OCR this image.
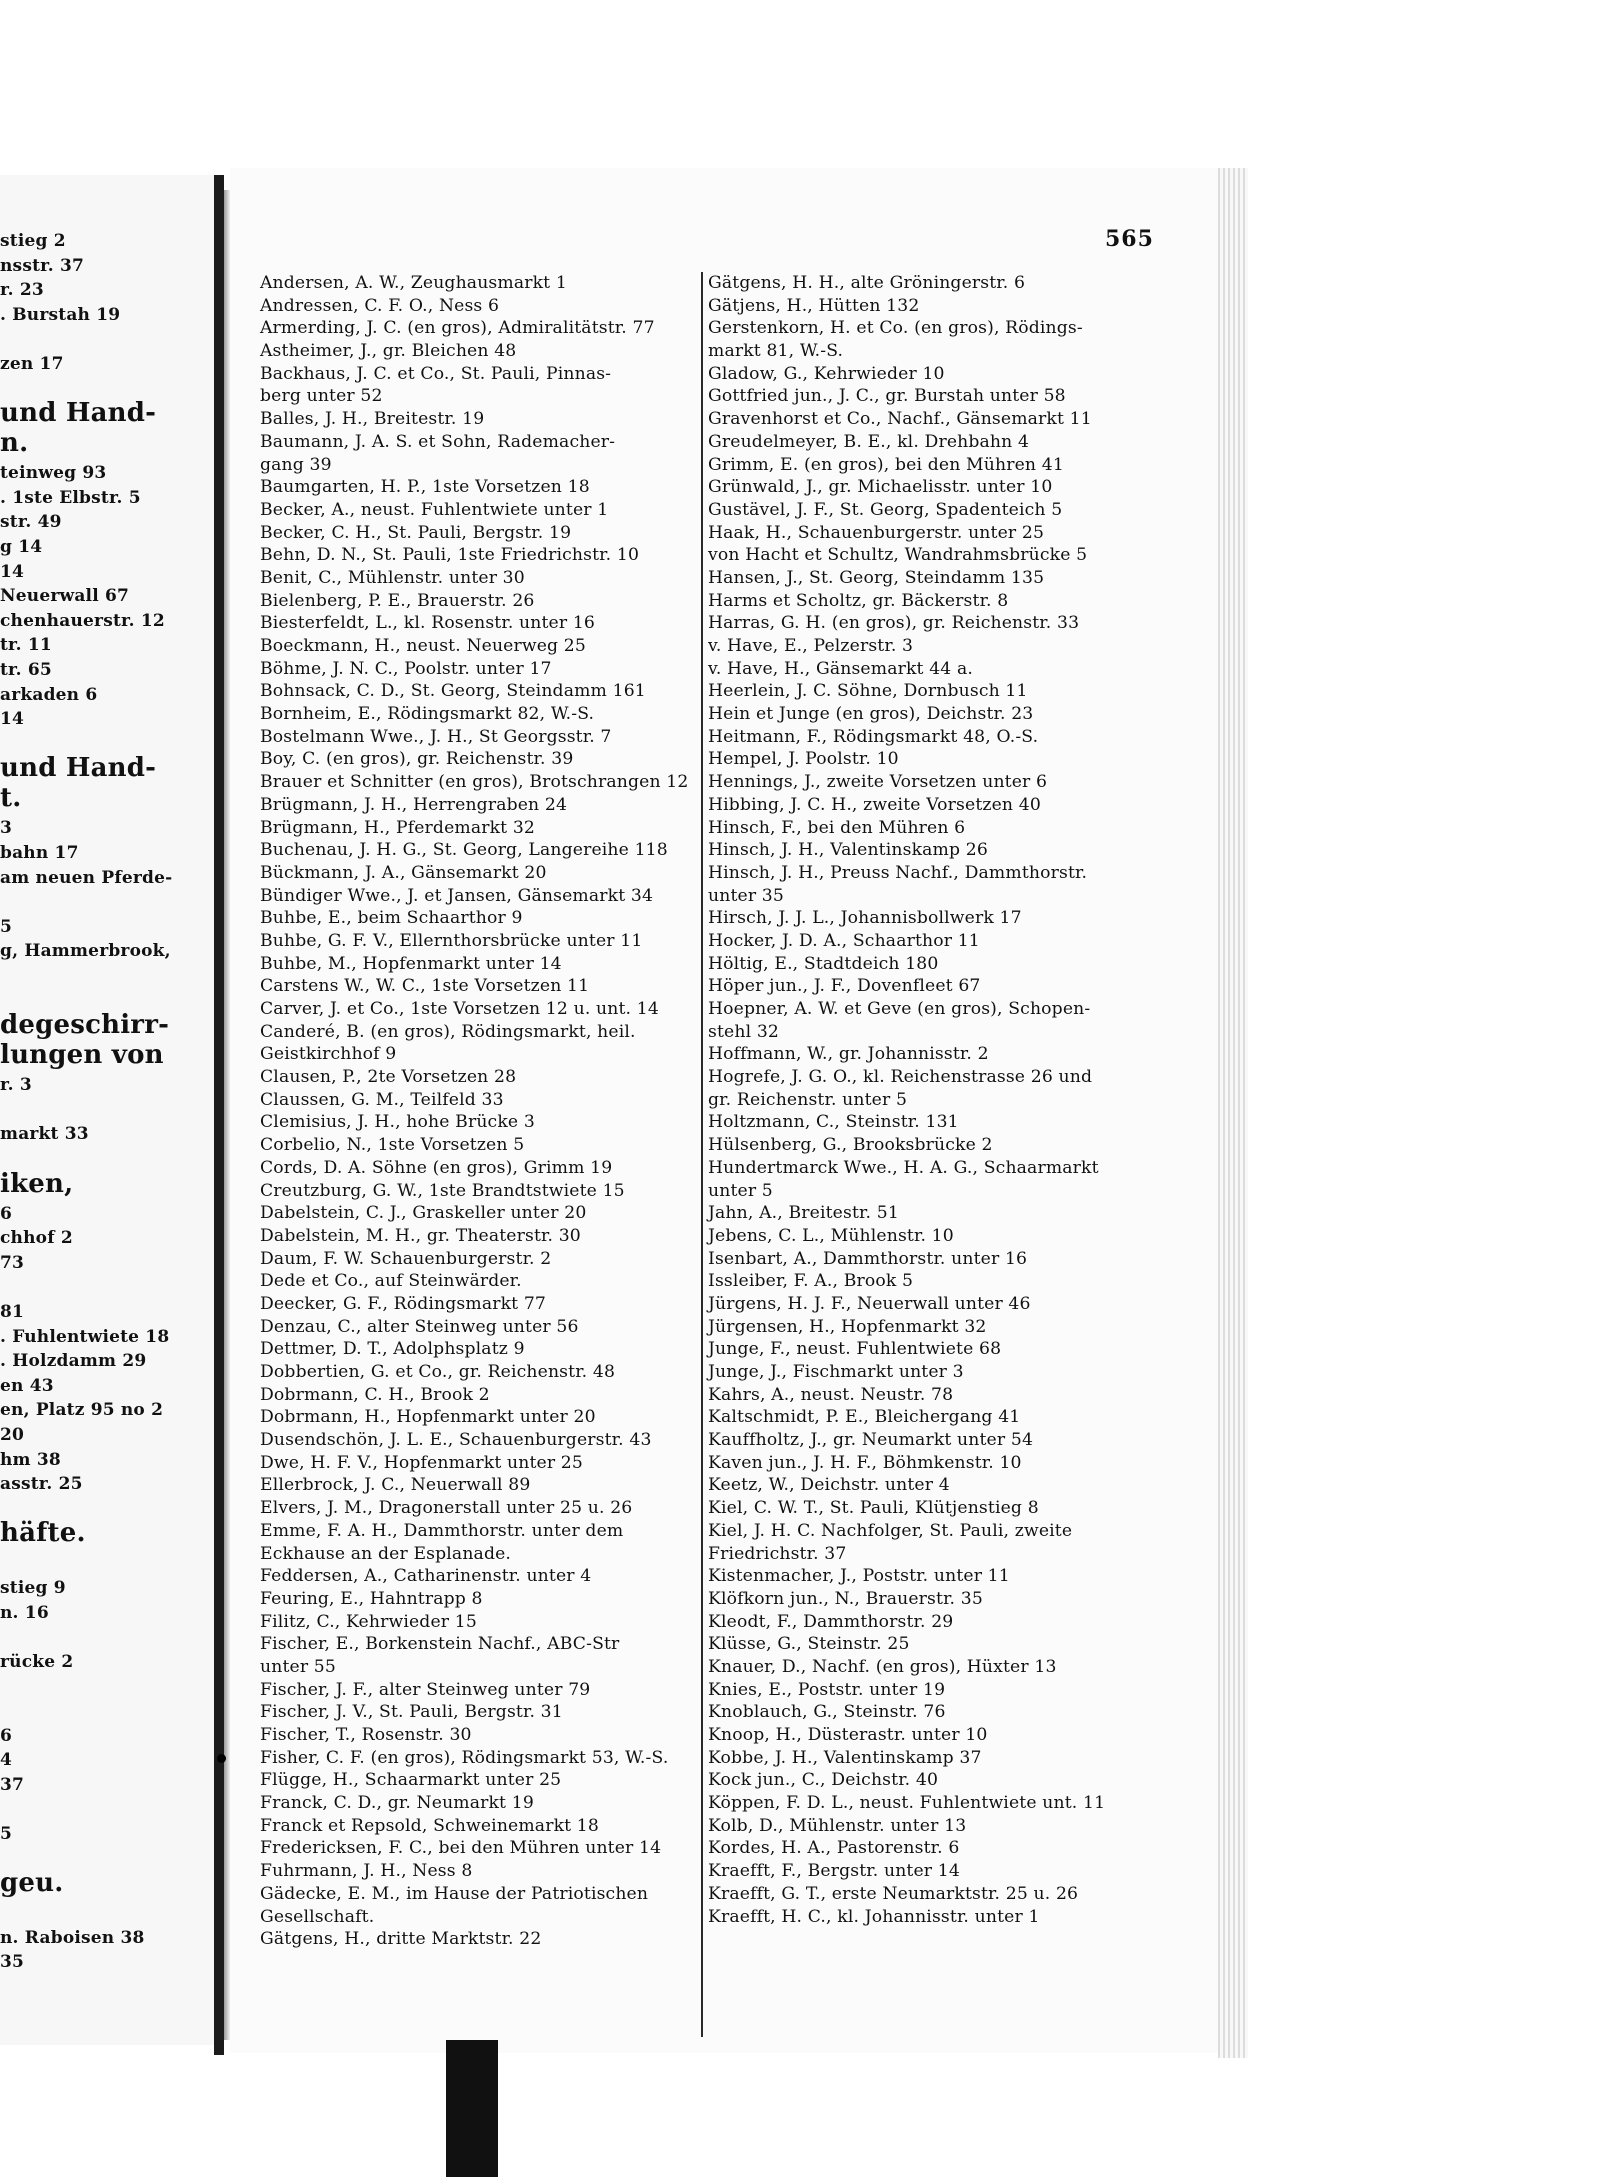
stieg 2
nsstr. 37
r. 23
. Burstah 19
zen 17
und Hand-
n.
teinweg 93
. 1ste Elbstr. 5
str. 49
g 14
14
Neuerwall 67
chenhauerstr. 12
tr. 11
tr. 65
arkaden 6
14
und Hand-
t.
3
bahn 17
am neuen Pferde-
5
g, Hammerbrook,
degeschirr-
lungen von
r. 3
markt 33
iken,
6
chhof 2
73
81
. Fuhlentwiete 18
. Holzdamm 29
en 43
en, Platz 95 no 2
20
hm 38
asstr. 25
häfte.
stieg 9
n. 16
rücke 2
6
4
37
5
geu.
n. Raboisen 38
35
565
Andersen, A. W., Zeughausmarkt 1
Andressen, C. F. O., Ness 6
Armerding, J. C. (en gros), Admiralitätstr. 77
Astheimer, J., gr. Bleichen 48
Backhaus, J. C. et Co., St. Pauli, Pinnas-
berg unter 52
Balles, J. H., Breitestr. 19
Baumann, J. A. S. et Sohn, Rademacher-
gang 39
Baumgarten, H. P., 1ste Vorsetzen 18
Becker, A., neust. Fuhlentwiete unter 1
Becker, C. H., St. Pauli, Bergstr. 19
Behn, D. N., St. Pauli, 1ste Friedrichstr. 10
Benit, C., Mühlenstr. unter 30
Bielenberg, P. E., Brauerstr. 26
Biesterfeldt, L., kl. Rosenstr. unter 16
Boeckmann, H., neust. Neuerweg 25
Böhme, J. N. C., Poolstr. unter 17
Bohnsack, C. D., St. Georg, Steindamm 161
Bornheim, E., Rödingsmarkt 82, W.-S.
Bostelmann Wwe., J. H., St Georgsstr. 7
Boy, C. (en gros), gr. Reichenstr. 39
Brauer et Schnitter (en gros), Brotschrangen 12
Brügmann, J. H., Herrengraben 24
Brügmann, H., Pferdemarkt 32
Buchenau, J. H. G., St. Georg, Langereihe 118
Bückmann, J. A., Gänsemarkt 20
Bündiger Wwe., J. et Jansen, Gänsemarkt 34
Buhbe, E., beim Schaarthor 9
Buhbe, G. F. V., Ellernthorsbrücke unter 11
Buhbe, M., Hopfenmarkt unter 14
Carstens W., W. C., 1ste Vorsetzen 11
Carver, J. et Co., 1ste Vorsetzen 12 u. unt. 14
Canderé, B. (en gros), Rödingsmarkt, heil.
Geistkirchhof 9
Clausen, P., 2te Vorsetzen 28
Claussen, G. M., Teilfeld 33
Clemisius, J. H., hohe Brücke 3
Corbelio, N., 1ste Vorsetzen 5
Cords, D. A. Söhne (en gros), Grimm 19
Creutzburg, G. W., 1ste Brandtstwiete 15
Dabelstein, C. J., Graskeller unter 20
Dabelstein, M. H., gr. Theaterstr. 30
Daum, F. W. Schauenburgerstr. 2
Dede et Co., auf Steinwärder.
Deecker, G. F., Rödingsmarkt 77
Denzau, C., alter Steinweg unter 56
Dettmer, D. T., Adolphsplatz 9
Dobbertien, G. et Co., gr. Reichenstr. 48
Dobrmann, C. H., Brook 2
Dobrmann, H., Hopfenmarkt unter 20
Dusendschön, J. L. E., Schauenburgerstr. 43
Dwe, H. F. V., Hopfenmarkt unter 25
Ellerbrock, J. C., Neuerwall 89
Elvers, J. M., Dragonerstall unter 25 u. 26
Emme, F. A. H., Dammthorstr. unter dem
Eckhause an der Esplanade.
Feddersen, A., Catharinenstr. unter 4
Feuring, E., Hahntrapp 8
Filitz, C., Kehrwieder 15
Fischer, E., Borkenstein Nachf., ABC-Str
unter 55
Fischer, J. F., alter Steinweg unter 79
Fischer, J. V., St. Pauli, Bergstr. 31
Fischer, T., Rosenstr. 30
Fisher, C. F. (en gros), Rödingsmarkt 53, W.-S.
Flügge, H., Schaarmarkt unter 25
Franck, C. D., gr. Neumarkt 19
Franck et Repsold, Schweinemarkt 18
Fredericksen, F. C., bei den Mühren unter 14
Fuhrmann, J. H., Ness 8
Gädecke, E. M., im Hause der Patriotischen
Gesellschaft.
Gätgens, H., dritte Marktstr. 22
Gätgens, H. H., alte Gröningerstr. 6
Gätjens, H., Hütten 132
Gerstenkorn, H. et Co. (en gros), Rödings-
markt 81, W.-S.
Gladow, G., Kehrwieder 10
Gottfried jun., J. C., gr. Burstah unter 58
Gravenhorst et Co., Nachf., Gänsemarkt 11
Greudelmeyer, B. E., kl. Drehbahn 4
Grimm, E. (en gros), bei den Mühren 41
Grünwald, J., gr. Michaelisstr. unter 10
Gustävel, J. F., St. Georg, Spadenteich 5
Haak, H., Schauenburgerstr. unter 25
von Hacht et Schultz, Wandrahmsbrücke 5
Hansen, J., St. Georg, Steindamm 135
Harms et Scholtz, gr. Bäckerstr. 8
Harras, G. H. (en gros), gr. Reichenstr. 33
v. Have, E., Pelzerstr. 3
v. Have, H., Gänsemarkt 44 a.
Heerlein, J. C. Söhne, Dornbusch 11
Hein et Junge (en gros), Deichstr. 23
Heitmann, F., Rödingsmarkt 48, O.-S.
Hempel, J. Poolstr. 10
Hennings, J., zweite Vorsetzen unter 6
Hibbing, J. C. H., zweite Vorsetzen 40
Hinsch, F., bei den Mühren 6
Hinsch, J. H., Valentinskamp 26
Hinsch, J. H., Preuss Nachf., Dammthorstr.
unter 35
Hirsch, J. J. L., Johannisbollwerk 17
Hocker, J. D. A., Schaarthor 11
Höltig, E., Stadtdeich 180
Höper jun., J. F., Dovenfleet 67
Hoepner, A. W. et Geve (en gros), Schopen-
stehl 32
Hoffmann, W., gr. Johannisstr. 2
Hogrefe, J. G. O., kl. Reichenstrasse 26 und
gr. Reichenstr. unter 5
Holtzmann, C., Steinstr. 131
Hülsenberg, G., Brooksbrücke 2
Hundertmarck Wwe., H. A. G., Schaarmarkt
unter 5
Jahn, A., Breitestr. 51
Jebens, C. L., Mühlenstr. 10
Isenbart, A., Dammthorstr. unter 16
Issleiber, F. A., Brook 5
Jürgens, H. J. F., Neuerwall unter 46
Jürgensen, H., Hopfenmarkt 32
Junge, F., neust. Fuhlentwiete 68
Junge, J., Fischmarkt unter 3
Kahrs, A., neust. Neustr. 78
Kaltschmidt, P. E., Bleichergang 41
Kauffholtz, J., gr. Neumarkt unter 54
Kaven jun., J. H. F., Böhmkenstr. 10
Keetz, W., Deichstr. unter 4
Kiel, C. W. T., St. Pauli, Klütjenstieg 8
Kiel, J. H. C. Nachfolger, St. Pauli, zweite
Friedrichstr. 37
Kistenmacher, J., Poststr. unter 11
Klöfkorn jun., N., Brauerstr. 35
Kleodt, F., Dammthorstr. 29
Klüsse, G., Steinstr. 25
Knauer, D., Nachf. (en gros), Hüxter 13
Knies, E., Poststr. unter 19
Knoblauch, G., Steinstr. 76
Knoop, H., Düsterastr. unter 10
Kobbe, J. H., Valentinskamp 37
Kock jun., C., Deichstr. 40
Köppen, F. D. L., neust. Fuhlentwiete unt. 11
Kolb, D., Mühlenstr. unter 13
Kordes, H. A., Pastorenstr. 6
Kraefft, F., Bergstr. unter 14
Kraefft, G. T., erste Neumarktstr. 25 u. 26
Kraefft, H. C., kl. Johannisstr. unter 1
